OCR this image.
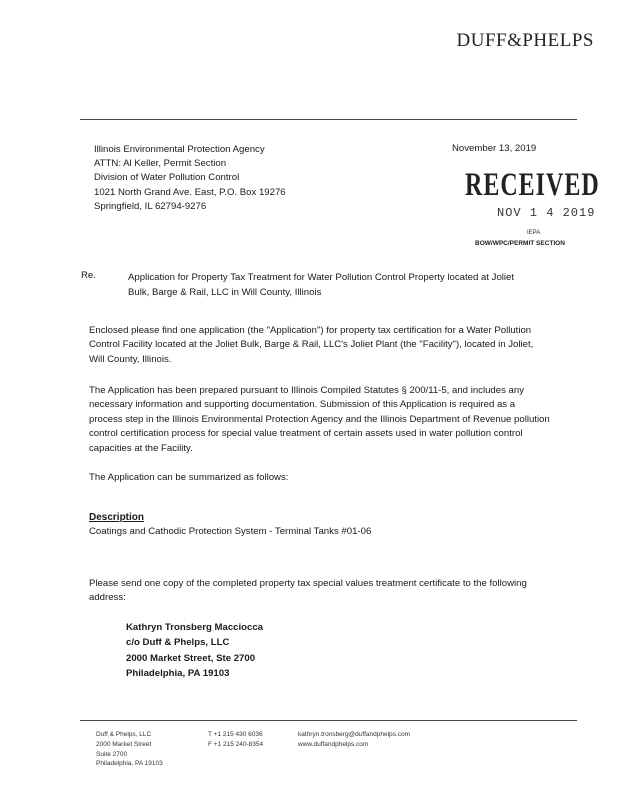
DUFF&PHELPS
Illinois Environmental Protection Agency
ATTN: Al Keller, Permit Section
Division of Water Pollution Control
1021 North Grand Ave. East, P.O. Box 19276
Springfield, IL 62794-9276
November 13, 2019
RECEIVED
NOV 1 4 2019
IEPA
BOW/WPC/PERMIT SECTION
Re.	Application for Property Tax Treatment for Water Pollution Control Property located at Joliet Bulk, Barge & Rail, LLC in Will County, Illinois
Enclosed please find one application (the "Application") for property tax certification for a Water Pollution Control Facility located at the Joliet Bulk, Barge & Rail, LLC's Joliet Plant (the "Facility"), located in Joliet, Will County, Illinois.
The Application has been prepared pursuant to Illinois Compiled Statutes § 200/11-5, and includes any necessary information and supporting documentation. Submission of this Application is required as a process step in the Illinois Environmental Protection Agency and the Illinois Department of Revenue pollution control certification process for special value treatment of certain assets used in water pollution control capacities at the Facility.
The Application can be summarized as follows:
Description
Coatings and Cathodic Protection System - Terminal Tanks #01-06
Please send one copy of the completed property tax special values treatment certificate to the following address:
Kathryn Tronsberg Macciocca
c/o Duff & Phelps, LLC
2000 Market Street, Ste 2700
Philadelphia, PA 19103
Duff & Phelps, LLC
2000 Market Street
Suite 2700
Philadelphia, PA 19103
T +1 215 430 6036
F +1 215 240-8354
kathryn.tronsberg@duffandphelps.com
www.duffandphelps.com
